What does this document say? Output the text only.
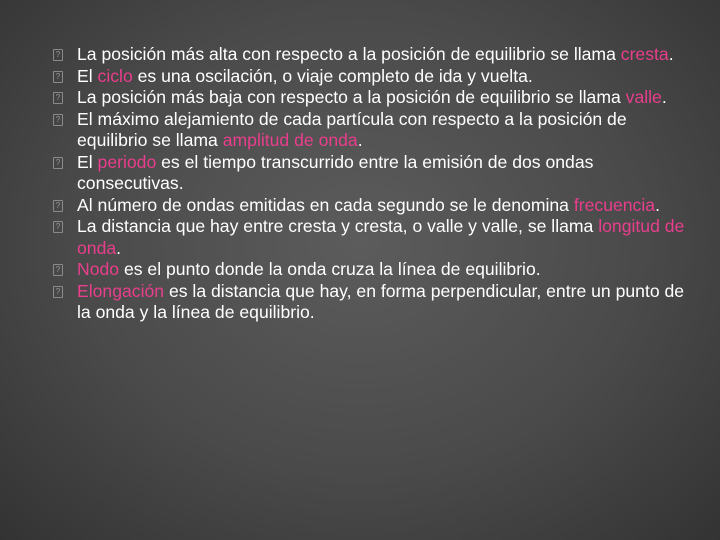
? La posición más alta con respecto a la posición de equilibrio se llama cresta.
? El ciclo es una oscilación, o viaje completo de ida y vuelta.
? La posición más baja con respecto a la posición de equilibrio se llama valle.
? El máximo alejamiento de cada partícula con respecto a la posición de equilibrio se llama amplitud de onda.
? El periodo es el tiempo transcurrido entre la emisión de dos ondas consecutivas.
? Al número de ondas emitidas en cada segundo se le denomina frecuencia.
? La distancia que hay entre cresta y cresta, o valle y valle, se llama longitud de onda.
? Nodo es el punto donde la onda cruza la línea de equilibrio.
? Elongación es la distancia que hay, en forma perpendicular, entre un punto de la onda y la línea de equilibrio.
